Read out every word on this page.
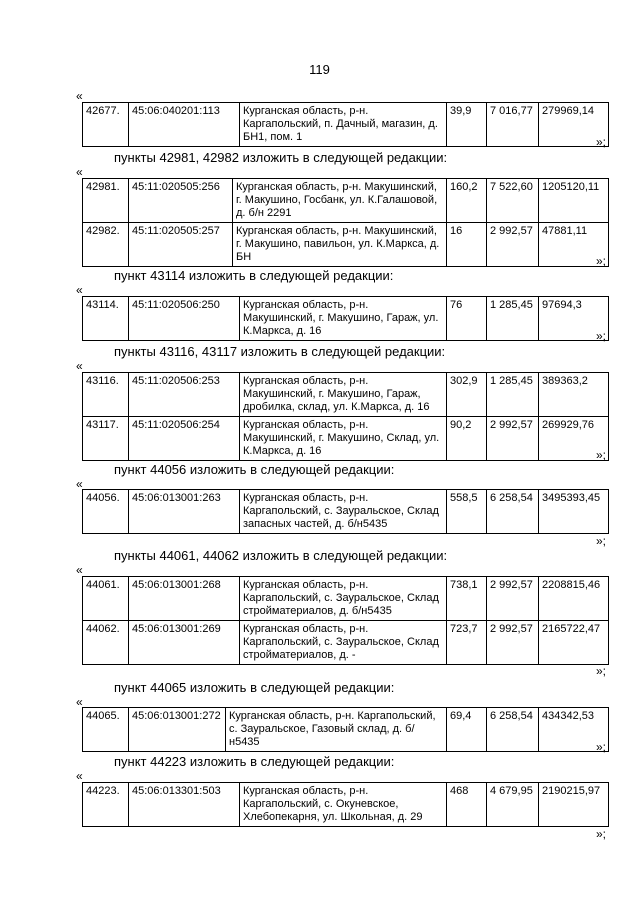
119
«
42677.	45:06:040201:113	Курганская область, р-н. Каргапольский, п. Дачный, магазин, д. БН1, пом. 1	39,9	7 016,77	279969,14
»;
пункты 42981, 42982 изложить в следующей редакции:
«
42981.	45:11:020505:256	Курганская область, р-н. Макушинский, г. Макушино, Госбанк, ул. К.Галашовой, д. б/н 2291	160,2	7 522,60	1205120,11
42982.	45:11:020505:257	Курганская область, р-н. Макушинский, г. Макушино, павильон, ул. К.Маркса, д. БН	16	2 992,57	47881,11
»;
пункт 43114 изложить в следующей редакции:
«
43114.	45:11:020506:250	Курганская область, р-н. Макушинский, г. Макушино, Гараж, ул. К.Маркса, д. 16	76	1 285,45	97694,3
»;
пункты 43116, 43117 изложить в следующей редакции:
«
43116.	45:11:020506:253	Курганская область, р-н. Макушинский, г. Макушино, Гараж, дробилка, склад, ул. К.Маркса, д. 16	302,9	1 285,45	389363,2
43117.	45:11:020506:254	Курганская область, р-н. Макушинский, г. Макушино, Склад, ул. К.Маркса, д. 16	90,2	2 992,57	269929,76
»;
пункт 44056 изложить в следующей редакции:
«
44056.	45:06:013001:263	Курганская область, р-н. Каргапольский, с. Зауральское, Склад запасных частей, д. б/н5435	558,5	6 258,54	3495393,45
»;
пункты 44061, 44062 изложить в следующей редакции:
«
44061.	45:06:013001:268	Курганская область, р-н. Каргапольский, с. Зауральское, Склад стройматериалов, д. б/н5435	738,1	2 992,57	2208815,46
44062.	45:06:013001:269	Курганская область, р-н. Каргапольский, с. Зауральское, Склад стройматериалов, д. -	723,7	2 992,57	2165722,47
»;
пункт 44065 изложить в следующей редакции:
«
44065.	45:06:013001:272	Курганская область, р-н. Каргапольский, с. Зауральское, Газовый склад, д. б/н5435	69,4	6 258,54	434342,53
»;
пункт 44223 изложить в следующей редакции:
«
44223.	45:06:013301:503	Курганская область, р-н. Каргапольский, с. Окуневское, Хлебопекарня, ул. Школьная, д. 29	468	4 679,95	2190215,97
»;
